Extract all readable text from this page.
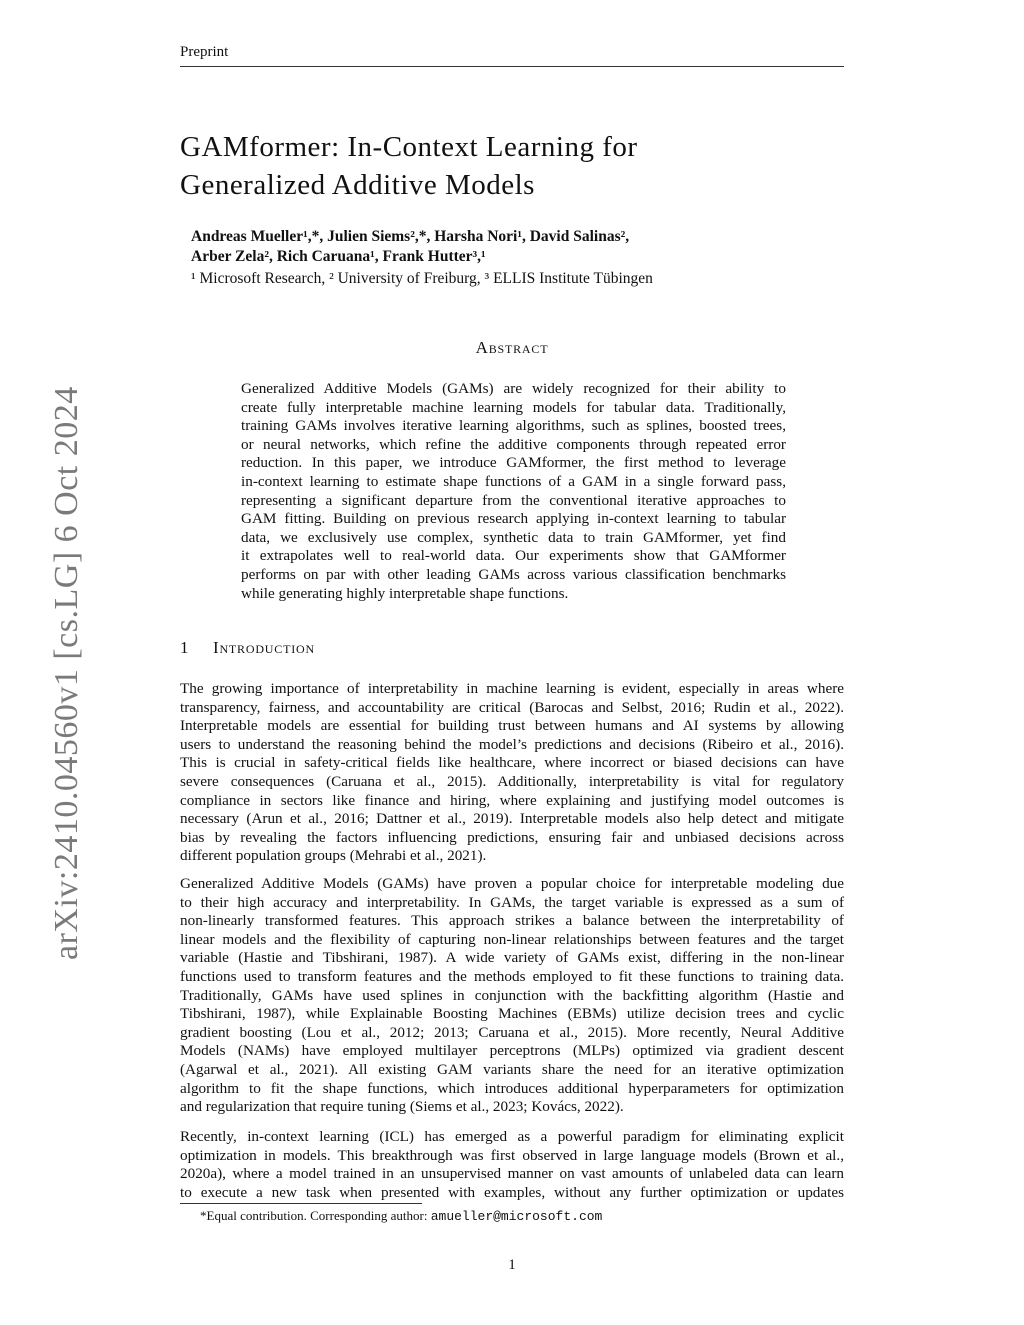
Preprint
arXiv:2410.04560v1 [cs.LG] 6 Oct 2024
GAMformer: In-Context Learning for
Generalized Additive Models
Andreas Mueller¹,*, Julien Siems²,*, Harsha Nori¹, David Salinas²,
Arber Zela², Rich Caruana¹, Frank Hutter³,¹
¹ Microsoft Research, ² University of Freiburg, ³ ELLIS Institute Tübingen
Abstract
Generalized Additive Models (GAMs) are widely recognized for their ability to
create fully interpretable machine learning models for tabular data. Traditionally,
training GAMs involves iterative learning algorithms, such as splines, boosted trees,
or neural networks, which refine the additive components through repeated error
reduction. In this paper, we introduce GAMformer, the first method to leverage
in-context learning to estimate shape functions of a GAM in a single forward pass,
representing a significant departure from the conventional iterative approaches to
GAM fitting. Building on previous research applying in-context learning to tabular
data, we exclusively use complex, synthetic data to train GAMformer, yet find
it extrapolates well to real-world data. Our experiments show that GAMformer
performs on par with other leading GAMs across various classification benchmarks
while generating highly interpretable shape functions.
1 Introduction
The growing importance of interpretability in machine learning is evident, especially in areas where
transparency, fairness, and accountability are critical (Barocas and Selbst, 2016; Rudin et al., 2022).
Interpretable models are essential for building trust between humans and AI systems by allowing
users to understand the reasoning behind the model’s predictions and decisions (Ribeiro et al., 2016).
This is crucial in safety-critical fields like healthcare, where incorrect or biased decisions can have
severe consequences (Caruana et al., 2015). Additionally, interpretability is vital for regulatory
compliance in sectors like finance and hiring, where explaining and justifying model outcomes is
necessary (Arun et al., 2016; Dattner et al., 2019). Interpretable models also help detect and mitigate
bias by revealing the factors influencing predictions, ensuring fair and unbiased decisions across
different population groups (Mehrabi et al., 2021).
Generalized Additive Models (GAMs) have proven a popular choice for interpretable modeling due
to their high accuracy and interpretability. In GAMs, the target variable is expressed as a sum of
non-linearly transformed features. This approach strikes a balance between the interpretability of
linear models and the flexibility of capturing non-linear relationships between features and the target
variable (Hastie and Tibshirani, 1987). A wide variety of GAMs exist, differing in the non-linear
functions used to transform features and the methods employed to fit these functions to training data.
Traditionally, GAMs have used splines in conjunction with the backfitting algorithm (Hastie and
Tibshirani, 1987), while Explainable Boosting Machines (EBMs) utilize decision trees and cyclic
gradient boosting (Lou et al., 2012; 2013; Caruana et al., 2015). More recently, Neural Additive
Models (NAMs) have employed multilayer perceptrons (MLPs) optimized via gradient descent
(Agarwal et al., 2021). All existing GAM variants share the need for an iterative optimization
algorithm to fit the shape functions, which introduces additional hyperparameters for optimization
and regularization that require tuning (Siems et al., 2023; Kovács, 2022).
Recently, in-context learning (ICL) has emerged as a powerful paradigm for eliminating explicit
optimization in models. This breakthrough was first observed in large language models (Brown et al.,
2020a), where a model trained in an unsupervised manner on vast amounts of unlabeled data can learn
to execute a new task when presented with examples, without any further optimization or updates
*Equal contribution. Corresponding author: amueller@microsoft.com
1
